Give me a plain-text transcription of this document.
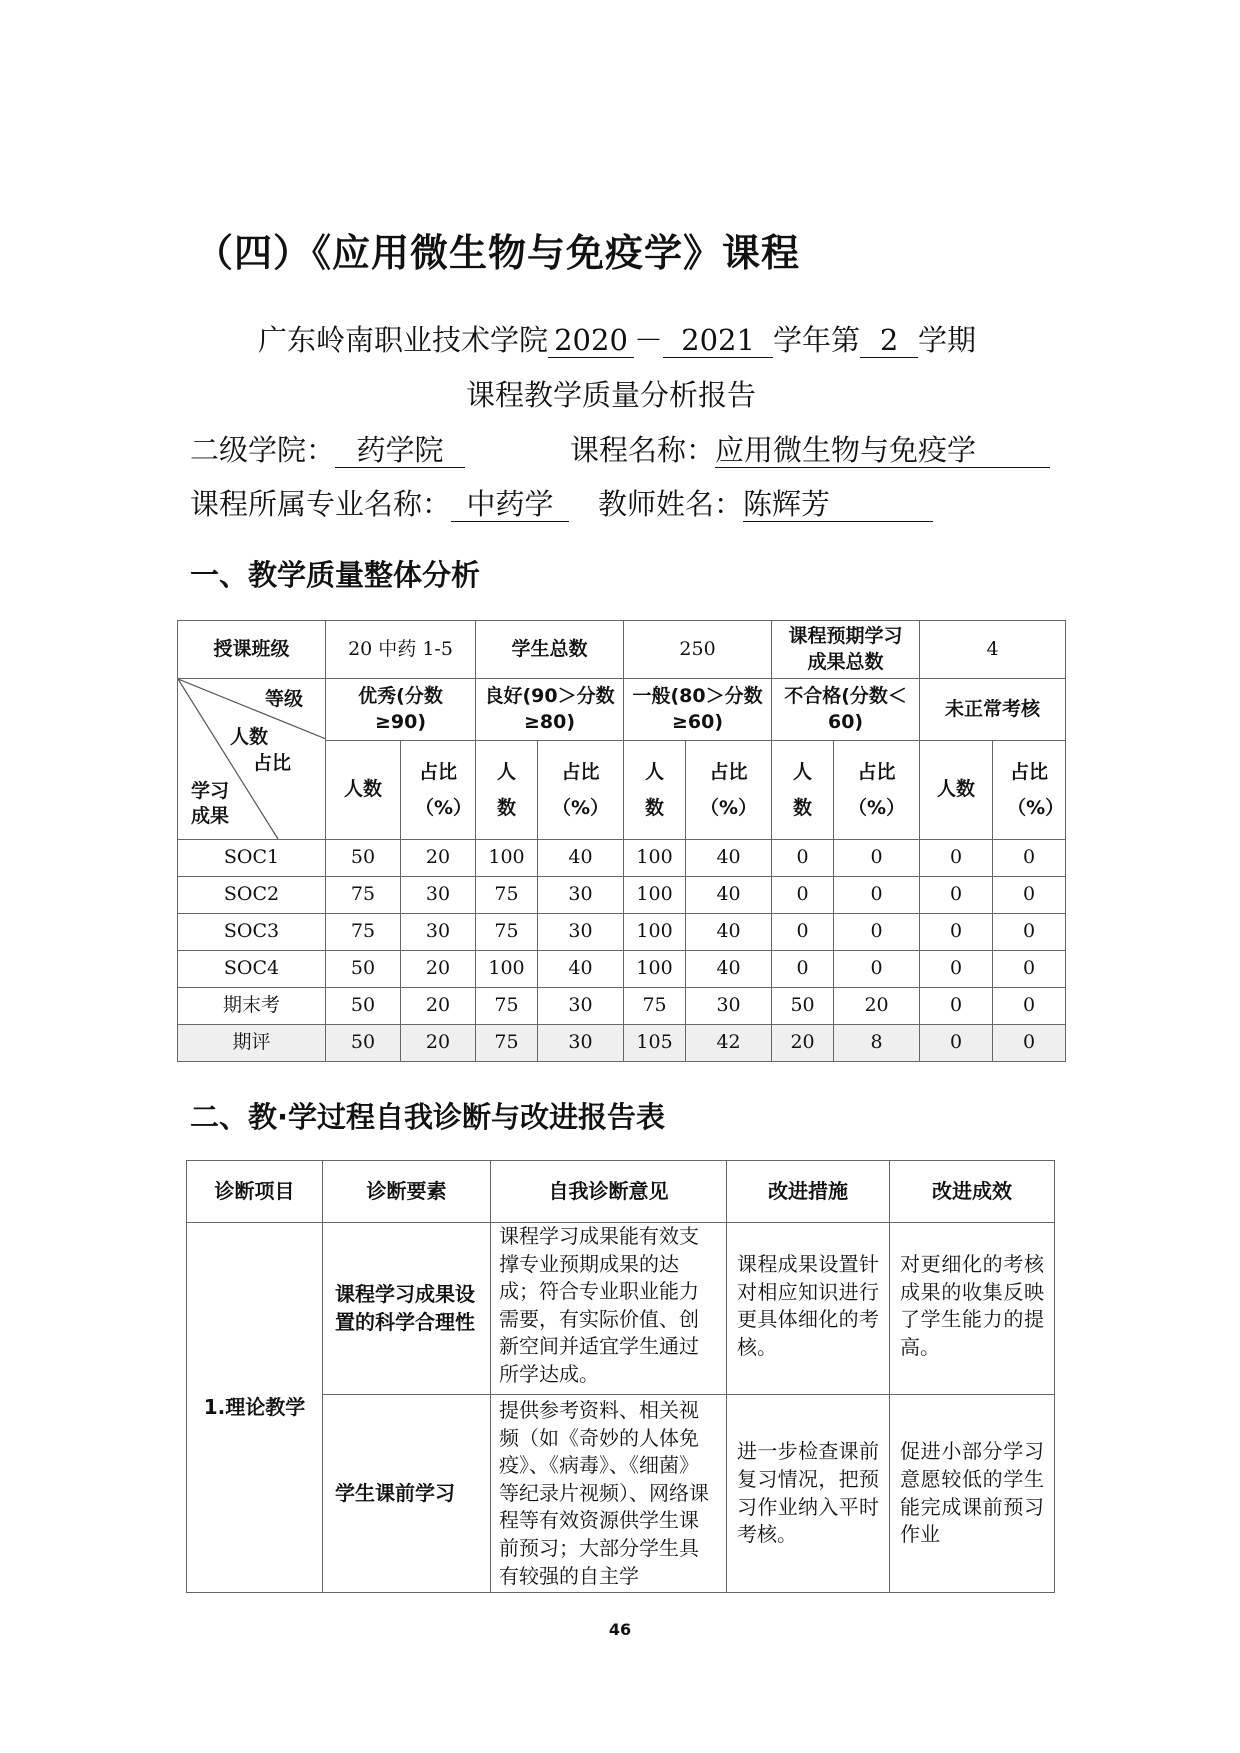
（四）《应用微生物与免疫学》课程
广东岭南职业技术学院 2020 － 2021 学年第 2 学期
课程教学质量分析报告
二级学院： 药学院	课程名称：应用微生物与免疫学
课程所属专业名称： 中药学	教师姓名：陈辉芳
一、教学质量整体分析
授课班级	20 中药 1-5		学生总数		250		课程预期学习成果总数		4	

等级
人数
占比
学习成果	优秀(分数≥90)		良好(90＞分数≥80)		一般(80＞分数≥60)		不合格(分数＜60)		未正常考核	
	人数	占比（%）	人数	占比（%）	人数	占比（%）	人数	占比（%）	人数	占比（%）
SOC1	50	20	100	40	100	40	0	0	0	0
SOC2	75	30	75	30	100	40	0	0	0	0
SOC3	75	30	75	30	100	40	0	0	0	0
SOC4	50	20	100	40	100	40	0	0	0	0
期末考	50	20	75	30	75	30	50	20	0	0
期评	50	20	75	30	105	42	20	8	0	0
二、教·学过程自我诊断与改进报告表
诊断项目	诊断要素	自我诊断意见	改进措施	改进成效
1.理论教学	课程学习成果设置的科学合理性	课程学习成果能有效支撑专业预期成果的达成；符合专业职业能力需要，有实际价值、创新空间并适宜学生通过所学达成。	课程成果设置针对相应知识进行更具体细化的考核。	对更细化的考核成果的收集反映了学生能力的提高。
	学生课前学习	提供参考资料、相关视频（如《奇妙的人体免疫》、《病毒》、《细菌》等纪录片视频）、网络课程等有效资源供学生课前预习；大部分学生具有较强的自主学	进一步检查课前复习情况，把预习作业纳入平时考核。	促进小部分学习意愿较低的学生能完成课前预习作业
46
